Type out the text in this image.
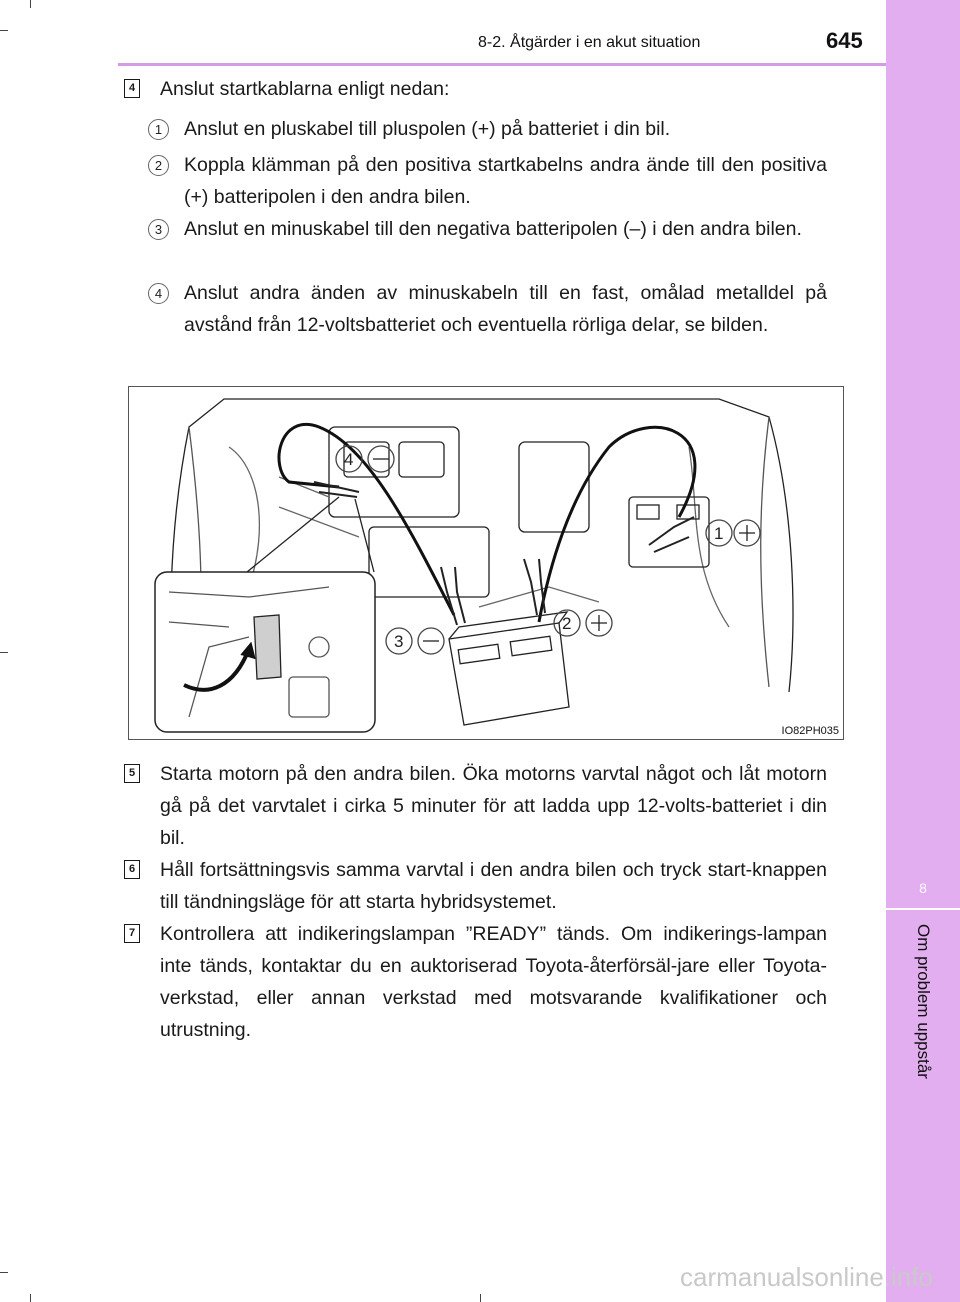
8
Om problem uppstår
8-2. Åtgärder i en akut situation	645
4 Anslut startkablarna enligt nedan:
1	Anslut en pluskabel till pluspolen (+) på batteriet i din bil.
2	Koppla klämman på den positiva startkabelns andra ände till den positiva (+) batteripolen i den andra bilen.
3	Anslut en minuskabel till den negativa batteripolen (–) i den andra bilen.
4	Anslut andra änden av minuskabeln till en fast, omålad metalldel på avstånd från 12-voltsbatteriet och eventuella rörliga delar, se bilden.
1
4
3
2
IO82PH035
5 Starta motorn på den andra bilen. Öka motorns varvtal något och låt motorn gå på det varvtalet i cirka 5 minuter för att ladda upp 12-volts-batteriet i din bil.
6 Håll fortsättningsvis samma varvtal i den andra bilen och tryck start-knappen till tändningsläge för att starta hybridsystemet.
7 Kontrollera att indikeringslampan ”READY” tänds. Om indikerings-lampan inte tänds, kontaktar du en auktoriserad Toyota-återförsäl-jare eller Toyota-verkstad, eller annan verkstad med motsvarande kvalifikationer och utrustning.
carmanualsonline.info
